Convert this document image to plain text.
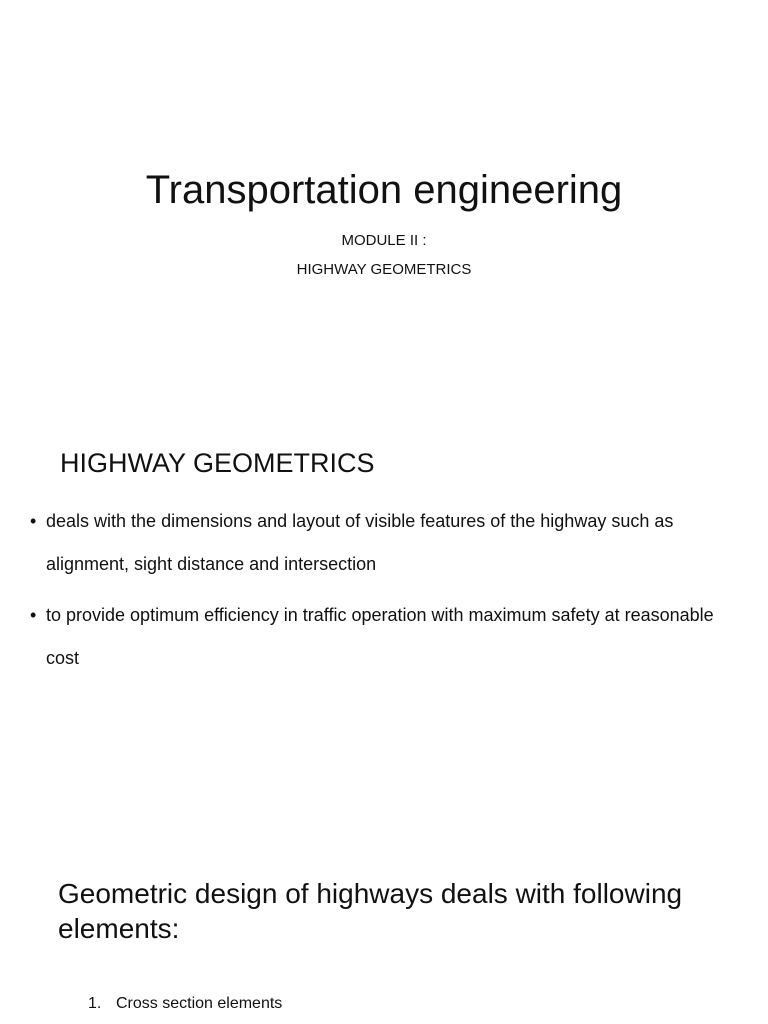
Transportation engineering
MODULE II :
HIGHWAY GEOMETRICS
HIGHWAY GEOMETRICS
• deals with the dimensions and layout of visible features of the highway such as alignment, sight distance and intersection
• to provide optimum efficiency in traffic operation with maximum safety at reasonable cost
Geometric design of highways deals with following elements:
1. Cross section elements
